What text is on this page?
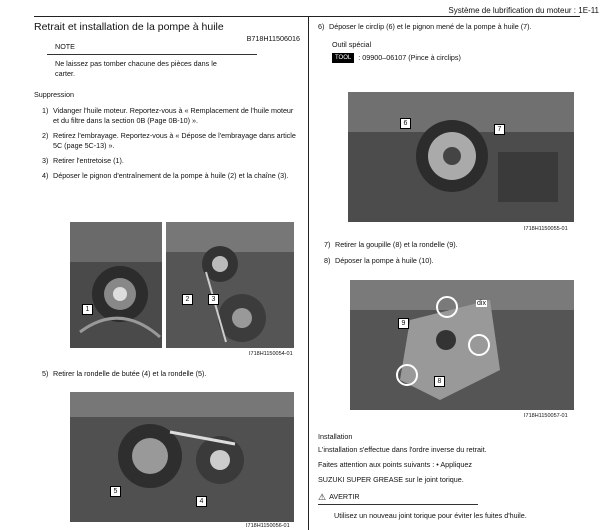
Système de lubrification du moteur : 1E-11
Retrait et installation de la pompe à huile
B718H11506016
NOTE
Ne laissez pas tomber chacune des pièces dans le carter.
Suppression
1) Vidanger l'huile moteur. Reportez-vous à « Remplacement de l'huile moteur et du filtre dans la section 0B (Page 0B-10) ».
2) Retirez l'embrayage. Reportez-vous à « Dépose de l'embrayage dans article 5C (page 5C-13) ».
3) Retirer l'entretoise (1).
4) Déposer le pignon d'entraînement de la pompe à huile (2) et la chaîne (3).
1
2	3
I718H1150054-01
5) Retirer la rondelle de butée (4) et la rondelle (5).
5
4
I718H1150056-01
6) Déposer le circlip (6) et le pignon mené de la pompe à huile (7).
Outil spécial
TOOL : 09900–06107 (Pince à circlips)
6
7
I718H1150055-01
7) Retirer la goupille (8) et la rondelle (9).
8) Déposer la pompe à huile (10).
9
8
dix
I718H1150057-01
Installation
L'installation s'effectue dans l'ordre inverse du retrait.
Faites attention aux points suivants : • Appliquez
SUZUKI SUPER GREASE sur le joint torique.
⚠ AVERTIR
Utilisez un nouveau joint torique pour éviter les fuites d'huile.
